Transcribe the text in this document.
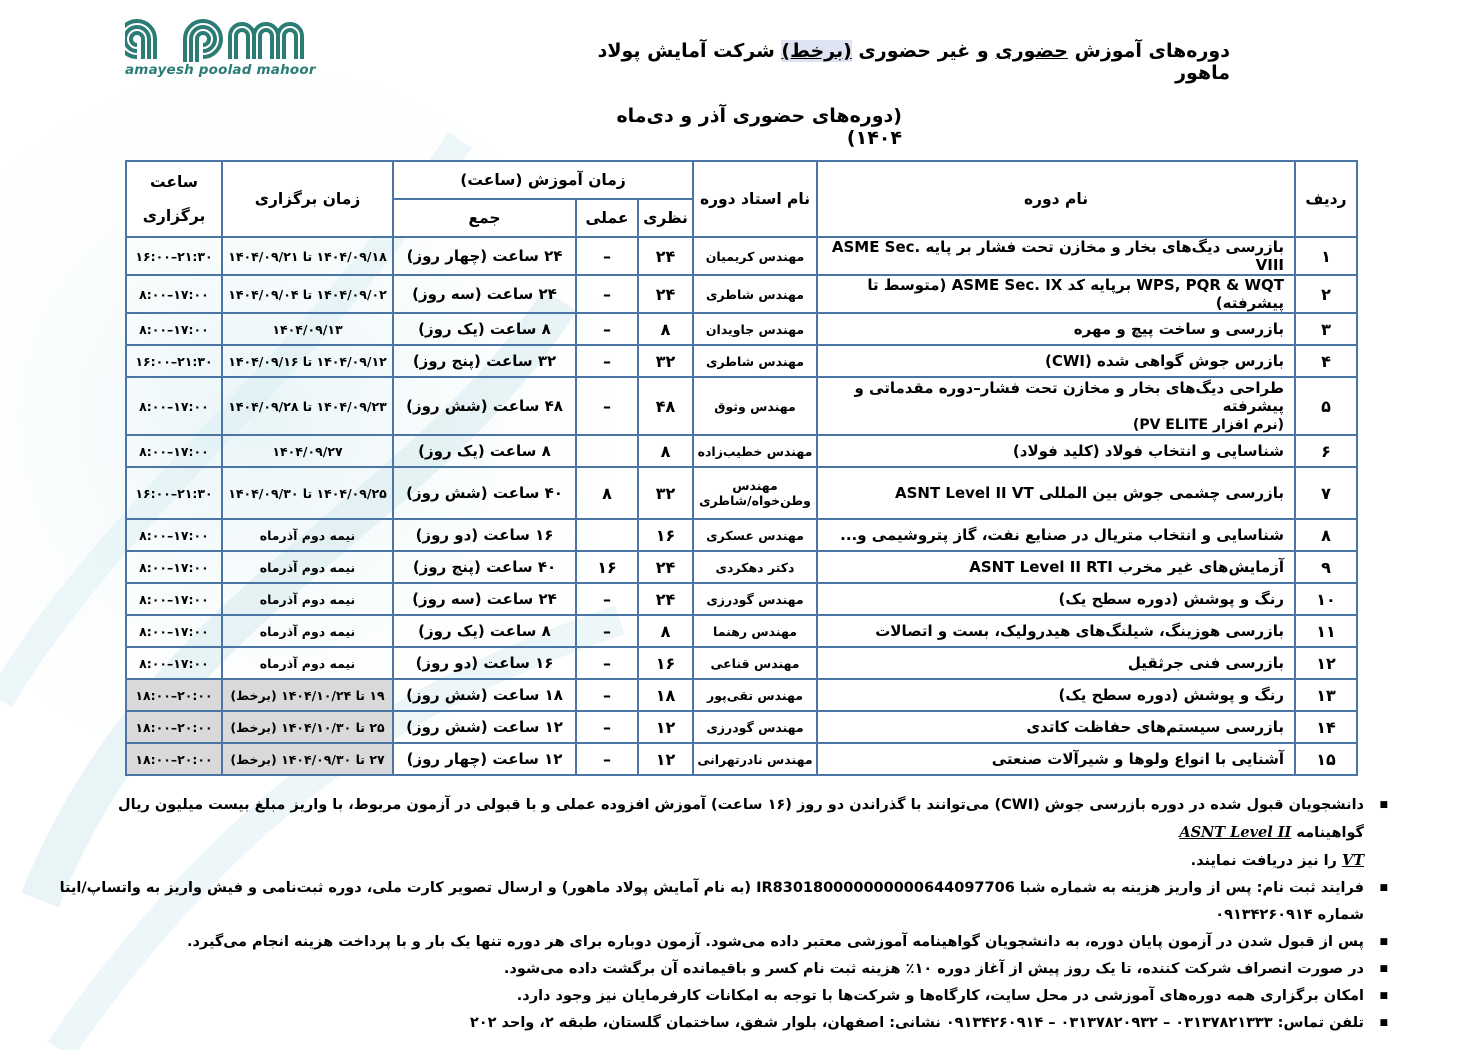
amayesh poolad mahoor
دوره‌های آموزش حضوری و غیر حضوری (برخط) شرکت آمایش پولاد ماهور
(دوره‌های حضوری آذر و دی‌ماه ۱۴۰۴)
ردیف	نام دوره	نام استاد دوره	زمان آموزش (ساعت)			زمان برگزاری	ساعت برگزاری
			نظری	عملی	جمع		
۱	بازرسی دیگ‌های بخار و مخازن تحت فشار بر پایه ASME Sec. VIII	مهندس کریمیان	۲۴	–	۲۴ ساعت (چهار روز)	۱۴۰۴/۰۹/۱۸ تا ۱۴۰۴/۰۹/۲۱	۲۱:۳۰–۱۶:۰۰
۲	WPS, PQR & WQT برپایه کد ASME Sec. IX (متوسط تا پیشرفته)	مهندس شاطری	۲۴	–	۲۴ ساعت (سه روز)	۱۴۰۴/۰۹/۰۲ تا ۱۴۰۴/۰۹/۰۴	۱۷:۰۰–۸:۰۰
۳	بازرسی و ساخت پیچ و مهره	مهندس جاویدان	۸	–	۸ ساعت (یک روز)	۱۴۰۴/۰۹/۱۳	۱۷:۰۰–۸:۰۰
۴	بازرس جوش گواهی شده (CWI)	مهندس شاطری	۳۲	–	۳۲ ساعت (پنج روز)	۱۴۰۴/۰۹/۱۲ تا ۱۴۰۴/۰۹/۱۶	۲۱:۳۰–۱۶:۰۰
۵	طراحی دیگ‌های بخار و مخازن تحت فشار–دوره مقدماتی و پیشرفته
(نرم افزار PV ELITE)	مهندس وثوق	۴۸	–	۴۸ ساعت (شش روز)	۱۴۰۴/۰۹/۲۳ تا ۱۴۰۴/۰۹/۲۸	۱۷:۰۰–۸:۰۰
۶	شناسایی و انتخاب فولاد (کلید فولاد)	مهندس خطیب‌زاده	۸		۸ ساعت (یک روز)	۱۴۰۴/۰۹/۲۷	۱۷:۰۰–۸:۰۰
۷	بازرسی چشمی جوش بین المللی ASNT Level II VT	مهندس
وطن‌خواه/شاطری	۳۲	۸	۴۰ ساعت (شش روز)	۱۴۰۴/۰۹/۲۵ تا ۱۴۰۴/۰۹/۳۰	۲۱:۳۰–۱۶:۰۰
۸	شناسایی و انتخاب متریال در صنایع نفت، گاز پتروشیمی و...	مهندس عسکری	۱۶		۱۶ ساعت (دو روز)	نیمه دوم آذرماه	۱۷:۰۰–۸:۰۰
۹	آزمایش‌های غیر مخرب ASNT Level II RTI	دکتر دهکردی	۲۴	۱۶	۴۰ ساعت (پنج روز)	نیمه دوم آذرماه	۱۷:۰۰–۸:۰۰
۱۰	رنگ و پوشش (دوره سطح یک)	مهندس گودرزی	۲۴	–	۲۴ ساعت (سه روز)	نیمه دوم آذرماه	۱۷:۰۰–۸:۰۰
۱۱	بازرسی هوزینگ، شیلنگ‌های هیدرولیک، بست و اتصالات	مهندس رهنما	۸	–	۸ ساعت (یک روز)	نیمه دوم آذرماه	۱۷:۰۰–۸:۰۰
۱۲	بازرسی فنی جرثقیل	مهندس قناعی	۱۶	–	۱۶ ساعت (دو روز)	نیمه دوم آذرماه	۱۷:۰۰–۸:۰۰
۱۳	رنگ و پوشش (دوره سطح یک)	مهندس تقی‌پور	۱۸	–	۱۸ ساعت (شش روز)	۱۹ تا ۱۴۰۴/۱۰/۲۴ (برخط)	۲۰:۰۰–۱۸:۰۰
۱۴	بازرسی سیستم‌های حفاظت کاتدی	مهندس گودرزی	۱۲	–	۱۲ ساعت (شش روز)	۲۵ تا ۱۴۰۴/۱۰/۳۰ (برخط)	۲۰:۰۰–۱۸:۰۰
۱۵	آشنایی با انواع ولوها و شیرآلات صنعتی	مهندس نادرتهرانی	۱۲	–	۱۲ ساعت (چهار روز)	۲۷ تا ۱۴۰۴/۰۹/۳۰ (برخط)	۲۰:۰۰–۱۸:۰۰
■ دانشجویان قبول شده در دوره بازرسی جوش (CWI) می‌توانند با گذراندن دو روز (۱۶ ساعت) آموزش افزوده عملی و با قبولی در آزمون مربوط، با واریز مبلغ بیست میلیون ریال گواهینامه ASNT Level II
VT را نیز دریافت نمایند.
■ فرایند ثبت نام: پس از واریز هزینه به شماره شبا IR830180000000000644097706 (به نام آمایش پولاد ماهور) و ارسال تصویر کارت ملی، دوره ثبت‌نامی و فیش واریز به واتساپ/ایتا شماره ۰۹۱۳۴۲۶۰۹۱۴
■ پس از قبول شدن در آزمون پایان دوره، به دانشجویان گواهینامه آموزشی معتبر داده می‌شود. آزمون دوباره برای هر دوره تنها یک بار و با پرداخت هزینه انجام می‌گیرد.
■ در صورت انصراف شرکت کننده، تا یک روز پیش از آغاز دوره ۱۰٪ هزینه ثبت نام کسر و باقیمانده آن برگشت داده می‌شود.
■ امکان برگزاری همه دوره‌های آموزشی در محل سایت، کارگاه‌ها و شرکت‌ها با توجه به امکانات کارفرمایان نیز وجود دارد.
■ تلفن تماس: ۰۳۱۳۷۸۲۱۳۳۳ – ۰۳۱۳۷۸۲۰۹۳۲ – ۰۹۱۳۴۲۶۰۹۱۴ نشانی: اصفهان، بلوار شفق، ساختمان گلستان، طبقه ۲، واحد ۲۰۲
